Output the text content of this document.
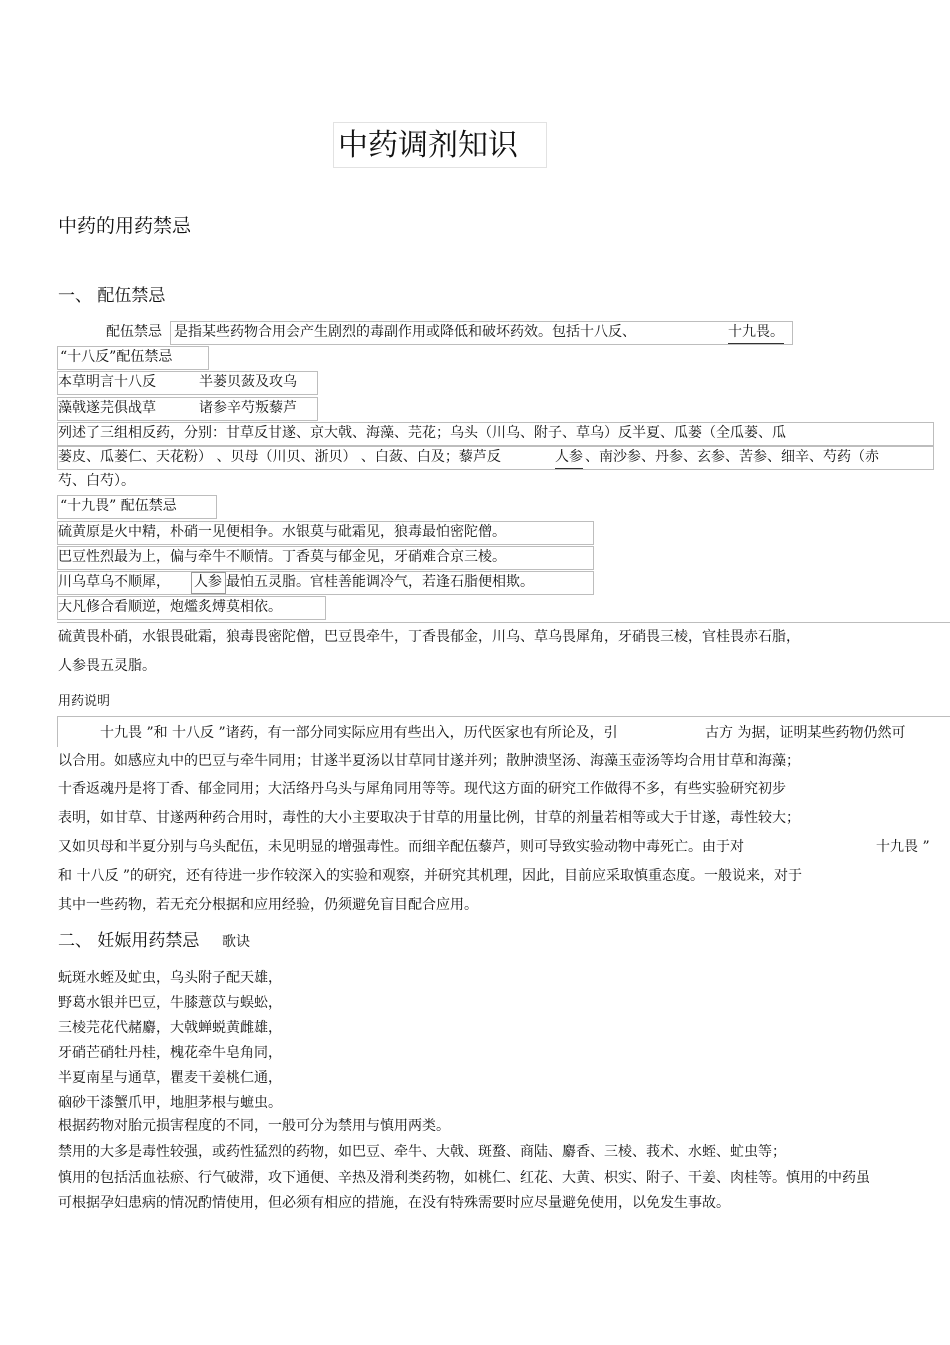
中药调剂知识
中药的用药禁忌
一、 配伍禁忌
配伍禁忌 是指某些药物合用会产生剧烈的毒副作用或降低和破坏药效。包括十八反、	十九畏。
“十八反”配伍禁忌
本草明言十八反	半蒌贝蔹及攻乌
藻戟遂芫俱战草	诸参辛芍叛藜芦
列述了三组相反药，分别：甘草反甘遂、京大戟、海藻、芫花；乌头（川乌、附子、草乌）反半夏、瓜蒌（全瓜蒌、瓜
蒌皮、瓜蒌仁、天花粉） 、贝母（川贝、浙贝） 、白蔹、白及；藜芦反	人参 、南沙参、丹参、玄参、苦参、细辛、芍药（赤
芍、白芍）。
“十九畏” 配伍禁忌
硫黄原是火中精，朴硝一见便相争。水银莫与砒霜见，狼毒最怕密陀僧。
巴豆性烈最为上，偏与牵牛不顺情。丁香莫与郁金见，牙硝难合京三棱。
川乌草乌不顺犀， 人参 最怕五灵脂。官桂善能调冷气，若逢石脂便相欺。
大凡修合看顺逆，炮爁炙煿莫相依。
硫黄畏朴硝，水银畏砒霜，狼毒畏密陀僧，巴豆畏牵牛，丁香畏郁金，川乌、草乌畏犀角，牙硝畏三棱，官桂畏赤石脂，
人参畏五灵脂。
用药说明
十九畏 ”和 十八反 ”诸药，有一部分同实际应用有些出入，历代医家也有所论及，引	古方 为据，证明某些药物仍然可
以合用。如感应丸中的巴豆与牵牛同用；甘遂半夏汤以甘草同甘遂并列；散肿溃坚汤、海藻玉壶汤等均合用甘草和海藻；
十香返魂丹是将丁香、郁金同用；大活络丹乌头与犀角同用等等。现代这方面的研究工作做得不多，有些实验研究初步
表明，如甘草、甘遂两种药合用时，毒性的大小主要取决于甘草的用量比例，甘草的剂量若相等或大于甘遂，毒性较大；
又如贝母和半夏分别与乌头配伍，未见明显的增强毒性。而细辛配伍藜芦，则可导致实验动物中毒死亡。由于对	十九畏 ”
和 十八反 ”的研究，还有待进一步作较深入的实验和观察，并研究其机理，因此，目前应采取慎重态度。一般说来，对于
其中一些药物，若无充分根据和应用经验，仍须避免盲目配合应用。
二、 妊娠用药禁忌 歌诀
蚖斑水蛭及虻虫，乌头附子配天雄，
野葛水银并巴豆，牛膝薏苡与蜈蚣，
三棱芫花代赭麝，大戟蝉蜕黄雌雄，
牙硝芒硝牡丹桂，槐花牵牛皂角同，
半夏南星与通草，瞿麦干姜桃仁通，
硇砂干漆蟹爪甲，地胆茅根与蟅虫。
根据药物对胎元损害程度的不同，一般可分为禁用与慎用两类。
禁用的大多是毒性较强，或药性猛烈的药物，如巴豆、牵牛、大戟、斑蝥、商陆、麝香、三棱、莪术、水蛭、虻虫等；
慎用的包括活血祛瘀、行气破滞，攻下通便、辛热及滑利类药物，如桃仁、红花、大黄、枳实、附子、干姜、肉桂等。慎用的中药虽
可根据孕妇患病的情况酌情使用，但必须有相应的措施，在没有特殊需要时应尽量避免使用，以免发生事故。
